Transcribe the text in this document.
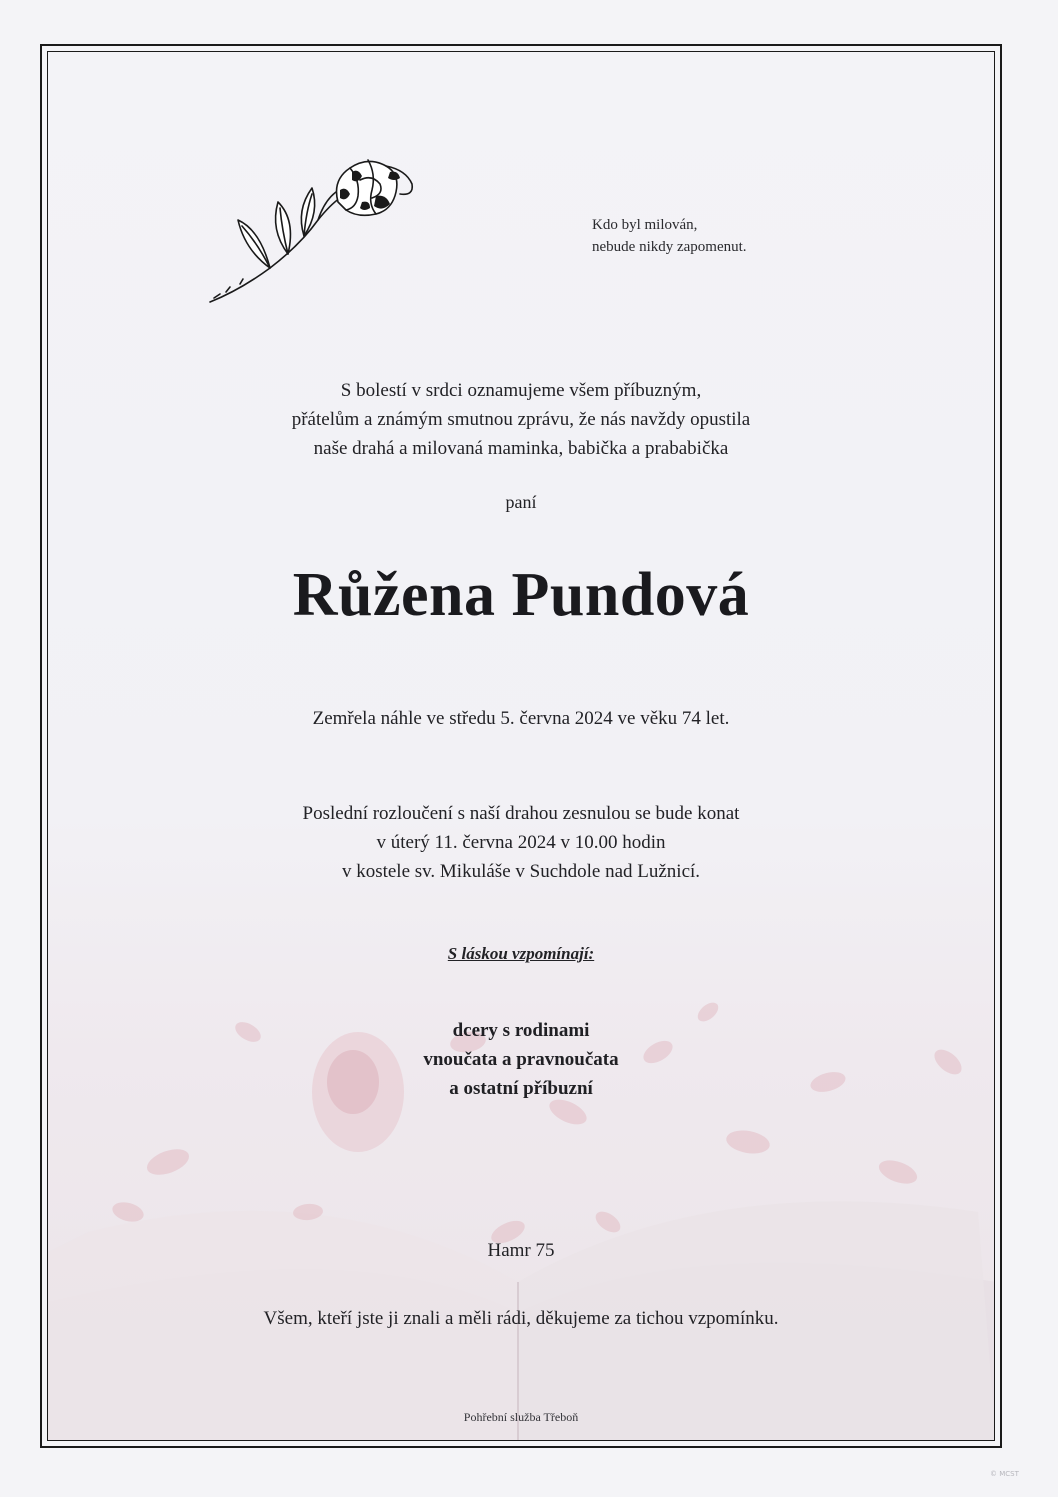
Kdo byl milován,
nebude nikdy zapomenut.
S bolestí v srdci oznamujeme všem příbuzným,
přátelům a známým smutnou zprávu, že nás navždy opustila
naše drahá a milovaná maminka, babička a prababička
paní
Růžena Pundová
Zemřela náhle ve středu 5. června 2024 ve věku 74 let.
Poslední rozloučení s naší drahou zesnulou se bude konat
v úterý 11. června 2024 v 10.00 hodin
v kostele sv. Mikuláše v Suchdole nad Lužnicí.
S láskou vzpomínají:
dcery s rodinami
vnoučata a pravnoučata
a ostatní příbuzní
Hamr 75
Všem, kteří jste ji znali a měli rádi, děkujeme za tichou vzpomínku.
Pohřební služba Třeboň
© MCST
